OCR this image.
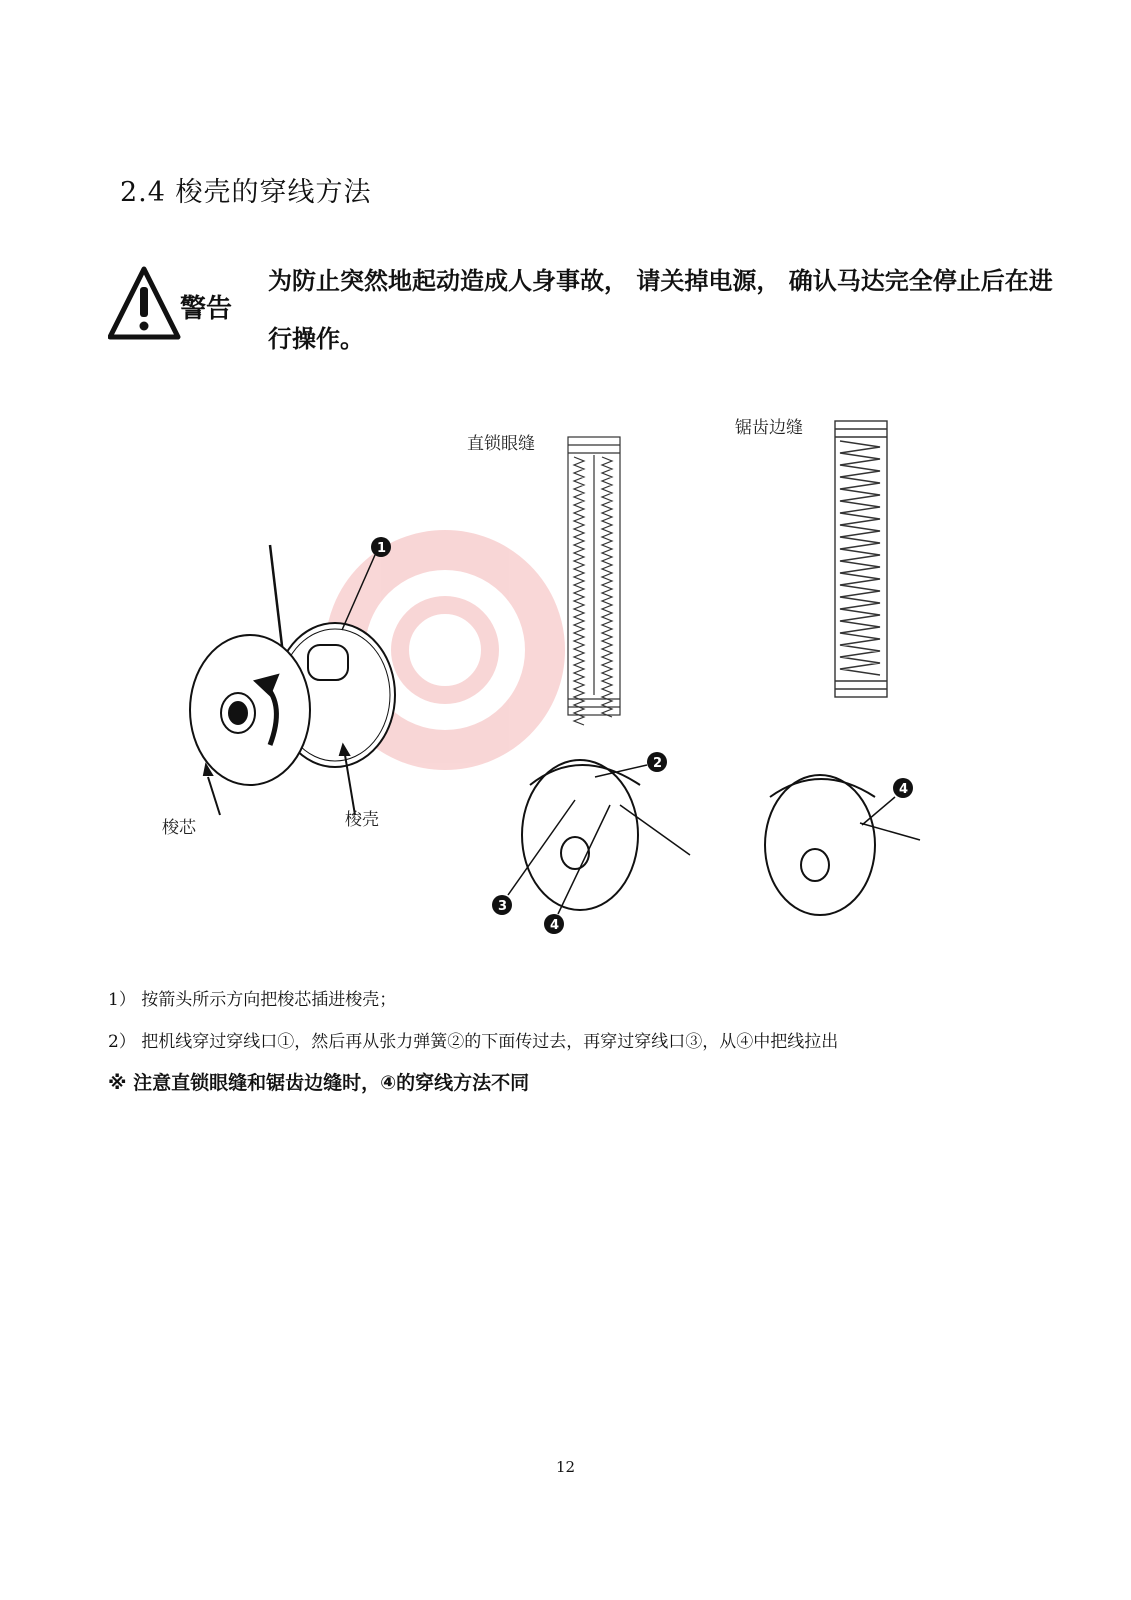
2.4 梭壳的穿线方法
警告
为防止突然地起动造成人身事故， 请关掉电源， 确认马达完全停止后在进行操作。
直锁眼缝
锯齿边缝
梭芯	梭壳
1
2
3
4
4
1） 按箭头所示方向把梭芯插进梭壳；
2） 把机线穿过穿线口①，然后再从张力弹簧②的下面传过去，再穿过穿线口③，从④中把线拉出
※ 注意直锁眼缝和锯齿边缝时，④的穿线方法不同
12
